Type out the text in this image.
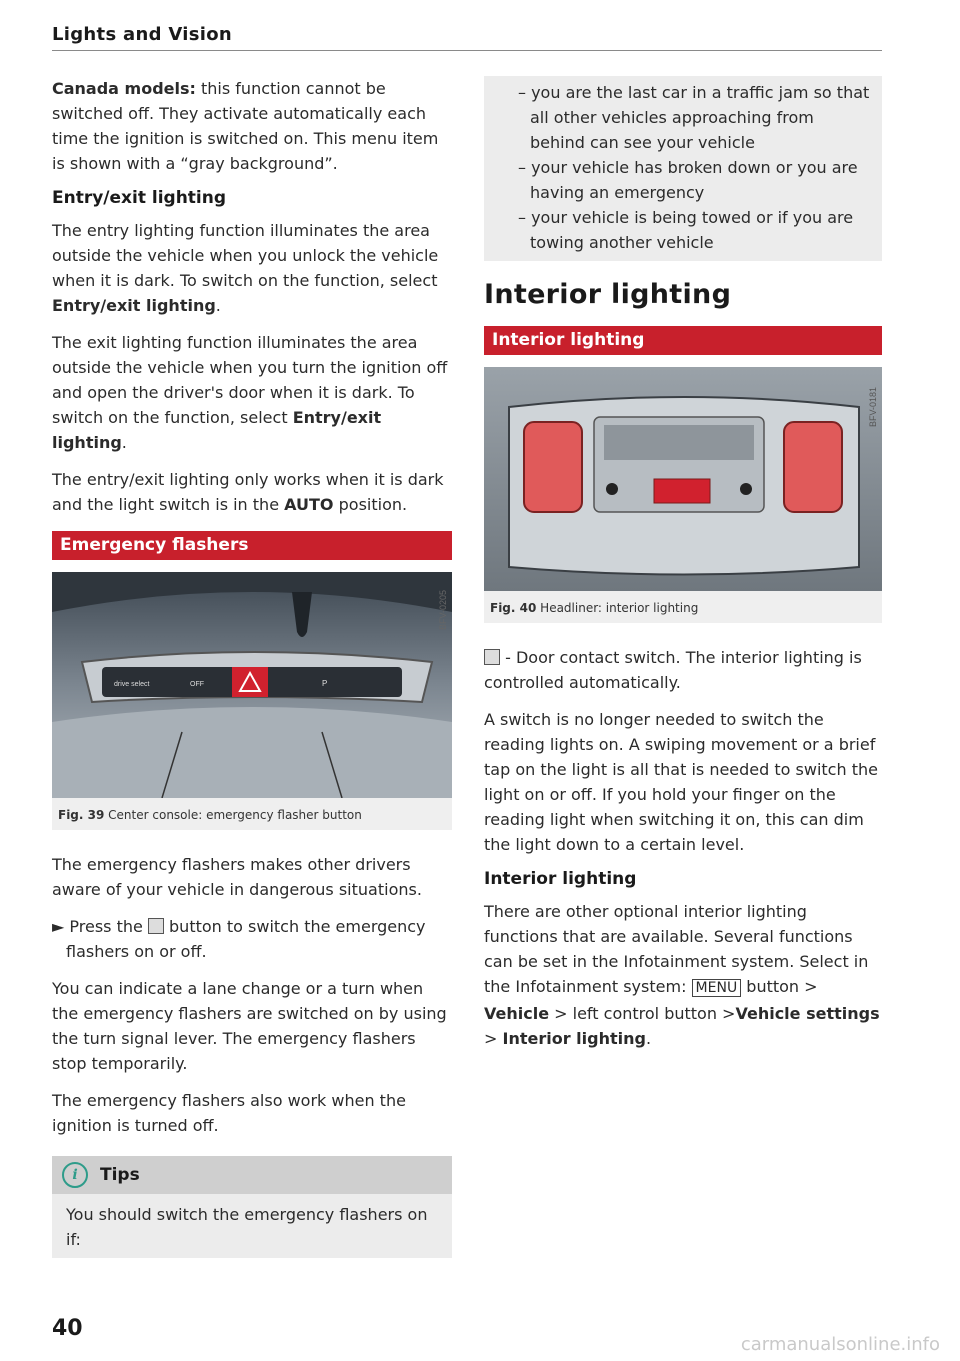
Lights and Vision

Canada models: this function cannot be switched off. They activate automatically each time the ignition is switched on. This menu item is shown with a “gray background”.

Entry/exit lighting

The entry lighting function illuminates the area outside the vehicle when you unlock the vehicle when it is dark. To switch on the function, select Entry/exit lighting.

The exit lighting function illuminates the area outside the vehicle when you turn the ignition off and open the driver's door when it is dark. To switch on the function, select Entry/exit lighting.

The entry/exit lighting only works when it is dark and the light switch is in the AUTO position.

Emergency flashers
drive select	OFF	P
BFV-0205
Fig. 39 Center console: emergency flasher button

The emergency flashers makes other drivers aware of your vehicle in dangerous situations.

► Press the  button to switch the emergency flashers on or off.

You can indicate a lane change or a turn when the emergency flashers are switched on by using the turn signal lever. The emergency flashers stop temporarily.

The emergency flashers also work when the ignition is turned off.

i	Tips

You should switch the emergency flashers on if:

– you are the last car in a traffic jam so that all other vehicles approaching from behind can see your vehicle

– your vehicle has broken down or you are having an emergency

– your vehicle is being towed or if you are towing another vehicle

Interior lighting
Interior lighting
BFV-0181
Fig. 40 Headliner: interior lighting

- Door contact switch. The interior lighting is controlled automatically.

A switch is no longer needed to switch the reading lights on. A swiping movement or a brief tap on the light is all that is needed to switch the light on or off. If you hold your finger on the reading light when switching it on, this can dim the light down to a certain level.

Interior lighting

There are other optional interior lighting functions that are available. Several functions can be set in the Infotainment system. Select in the Infotainment system: MENU button > Vehicle > left control button >Vehicle settings > Interior lighting.

40
carmanualsonline.info
